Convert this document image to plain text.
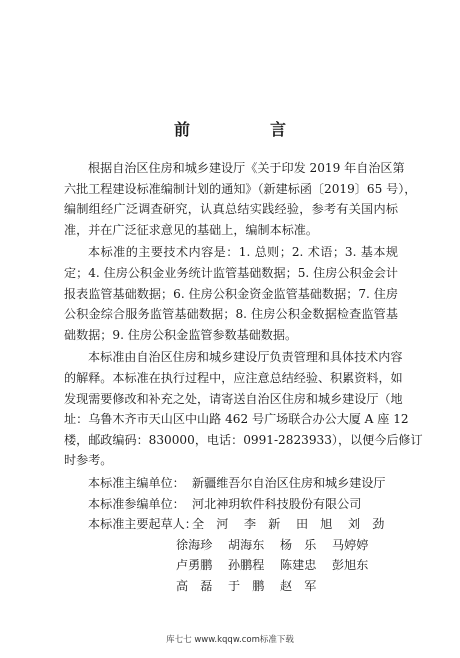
前　言
根据自治区住房和城乡建设厅《关于印发 2019 年自治区第
六批工程建设标准编制计划的通知》（新建标函〔2019〕65 号），
编制组经广泛调查研究，认真总结实践经验，参考有关国内标
准，并在广泛征求意见的基础上，编制本标准。
本标准的主要技术内容是：1. 总则；2. 术语；3. 基本规
定；4. 住房公积金业务统计监管基础数据；5. 住房公积金会计
报表监管基础数据；6. 住房公积金资金监管基础数据；7. 住房
公积金综合服务监管基础数据；8. 住房公积金数据检查监管基
础数据；9. 住房公积金监管参数基础数据。
本标准由自治区住房和城乡建设厅负责管理和具体技术内容
的解释。本标准在执行过程中，应注意总结经验、积累资料，如
发现需要修改和补充之处，请寄送自治区住房和城乡建设厅（地
址：乌鲁木齐市天山区中山路 462 号广场联合办公大厦 A 座 12
楼，邮政编码：830000，电话：0991-2823933），以便今后修订
时参考。
本标准主编单位： 新疆维吾尔自治区住房和城乡建设厅
本标准参编单位： 河北神玥软件科技股份有限公司
本标准主要起草人：
全　河	李　新	田　旭	刘　劲
徐海珍	胡海东	杨　乐	马婷婷
卢勇鹏	孙鹏程	陈建忠	彭旭东
高　磊	于　鹏	赵　军
库七七 www.kqqw.com标准下载
